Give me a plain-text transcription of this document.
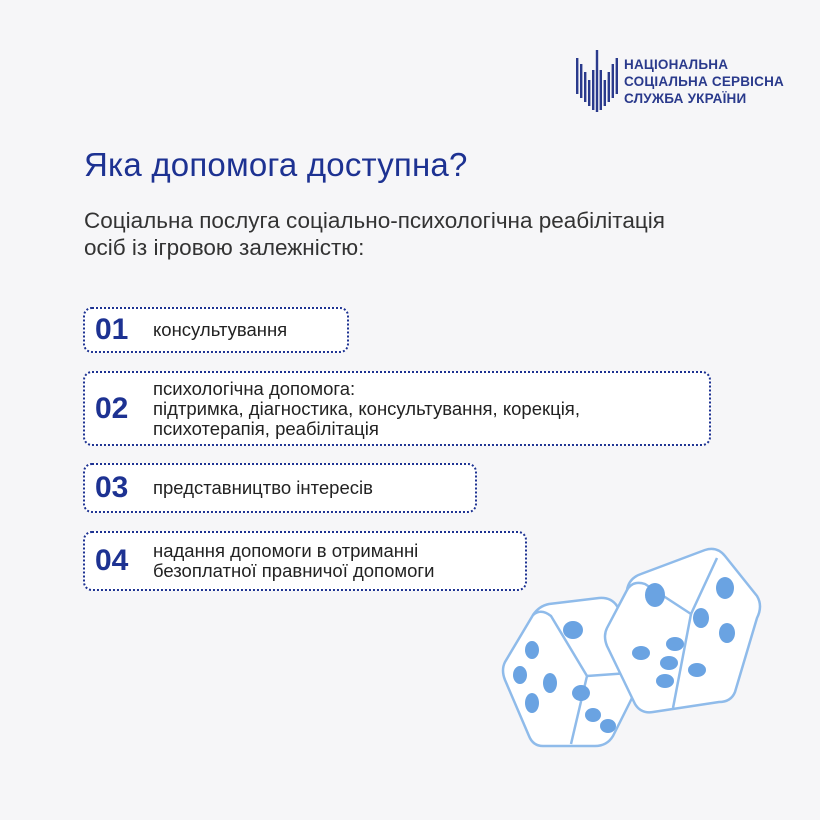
НАЦІОНАЛЬНА
СОЦІАЛЬНА СЕРВІСНА
СЛУЖБА УКРАЇНИ
Яка допомога доступна?

Соціальна послуга соціально-психологічна реабілітація осіб із ігровою залежністю:

01 консультування
02
психологічна допомога:
підтримка, діагностика, консультування, корекція,
психотерапія, реабілітація
03 представництво інтересів
04 надання допомоги в отриманні
безоплатної правничої допомоги
